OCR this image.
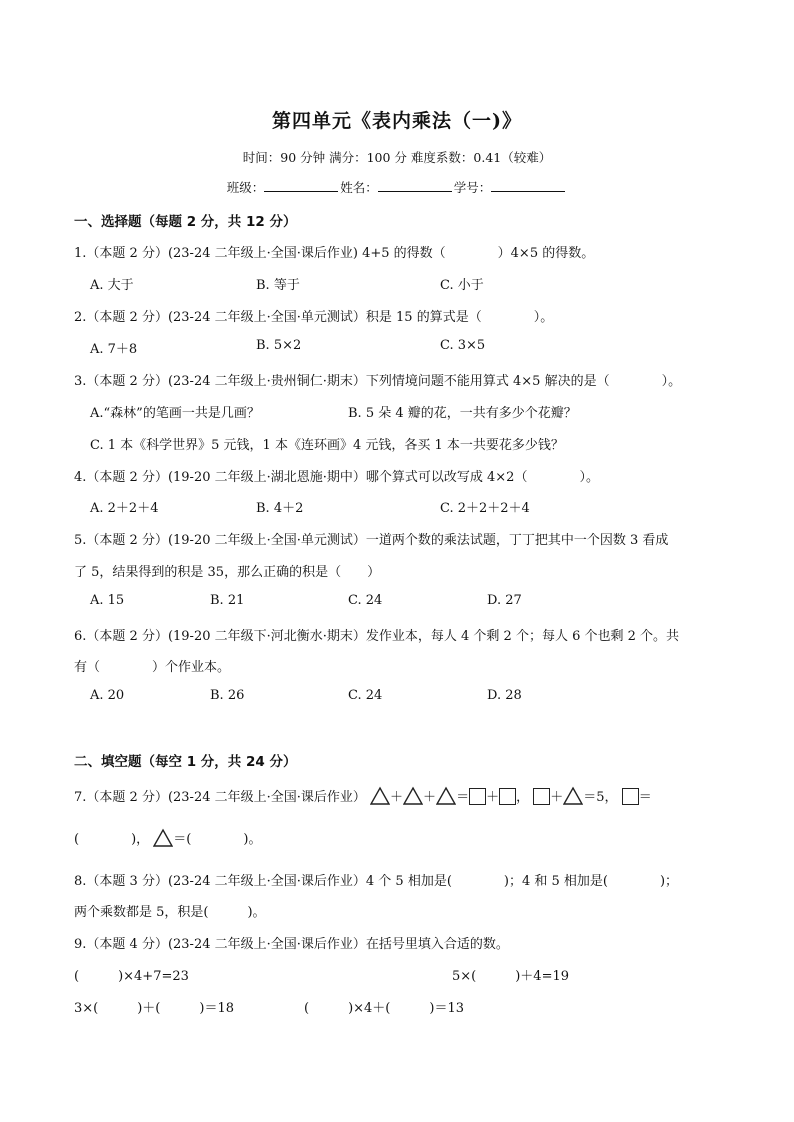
第四单元《表内乘法（一)》
时间：90 分钟 满分：100 分 难度系数：0.41（较难）
班级：	姓名：	学号：
一、选择题（每题 2 分，共 12 分）
1.（本题 2 分）(23-24 二年级上·全国·课后作业) 4+5 的得数（　　　　）4×5 的得数。
A. 大于	B. 等于	C. 小于
2.（本题 2 分）(23-24 二年级上·全国·单元测试）积是 15 的算式是（　　　　）。
A. 7＋8	B. 5×2	C. 3×5
3.（本题 2 分）(23-24 二年级上·贵州铜仁·期末）下列情境问题不能用算式 4×5 解决的是（　　　　）。
A.“森林”的笔画一共是几画？	B. 5 朵 4 瓣的花，一共有多少个花瓣？
C. 1 本《科学世界》5 元钱，1 本《连环画》4 元钱，各买 1 本一共要花多少钱？
4.（本题 2 分）(19-20 二年级上·湖北恩施·期中）哪个算式可以改写成 4×2（　　　　）。
A. 2＋2＋4	B. 4＋2	C. 2＋2＋2＋4
5.（本题 2 分）(19-20 二年级上·全国·单元测试）一道两个数的乘法试题，丁丁把其中一个因数 3 看成
了 5，结果得到的积是 35，那么正确的积是（　　）
A. 15	B. 21	C. 24	D. 27
6.（本题 2 分）(19-20 二年级下·河北衡水·期末）发作业本，每人 4 个剩 2 个；每人 6 个也剩 2 个。共
有（　　　　）个作业本。
A. 20	B. 26	C. 24	D. 28
二、填空题（每空 1 分，共 24 分）
7.（本题 2 分）(23-24 二年级上·全国·课后作业） ＋ ＋ ＝ ＋ ， ＋ ＝5， ＝
(　　　　)， ＝(　　　　)。
8.（本题 3 分）(23-24 二年级上·全国·课后作业）4 个 5 相加是(　　　　)；4 和 5 相加是(　　　　)；
两个乘数都是 5，积是(　　　)。
9.（本题 4 分）(23-24 二年级上·全国·课后作业）在括号里填入合适的数。
(　　　)×4+7=23	5×(　　　)＋4=19
3×(　　　)＋(　　　)＝18	(　　　)×4＋(　　　)＝13
